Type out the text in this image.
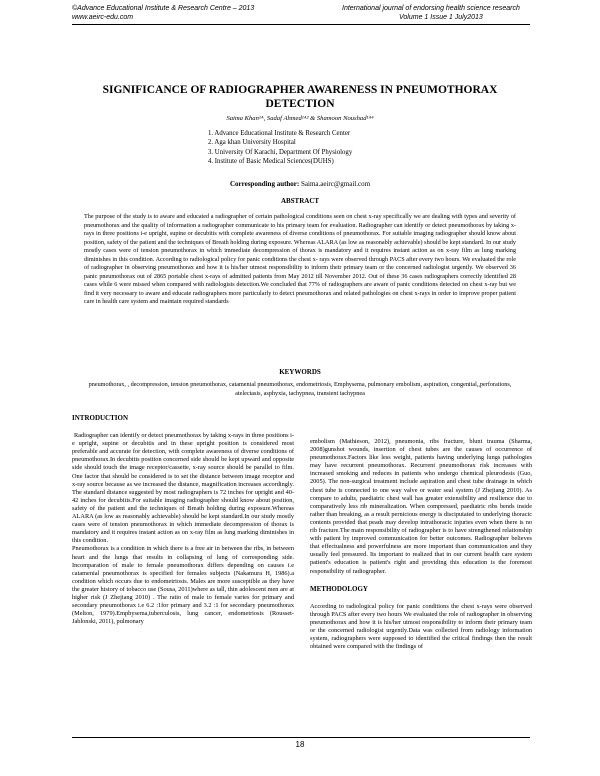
©Advance Educational Institute & Research Centre – 2013
www.aeirc-edu.com
International journal of endorsing health science research
Volume 1 Issue 1 July2013
SIGNIFICANCE OF RADIOGRAPHER AWARENESS IN PNEUMOTHORAX DETECTION
Saima Khan¹ᴬ, Sadaf Ahmed¹ᴬ² & Shamoon Noushad¹ᴬ⁴
1. Advance Educational Institute & Research Center
2. Aga khan University Hospital
3. University Of Karachi, Department Of Physiology
4. Institute of Basic Medical Sciences(DUHS)
Corresponding author: Saima.aeirc@gmail.com
ABSTRACT
The purpose of the study is to aware and educated a radiographer of certain pathological conditions seen on chest x-ray specifically we are dealing with types and severity of pneumothorax and the quality of information a radiographer communicate to his primary team for evaluation. Radiographer can identify or detect pneumothorax by taking x-rays in three positions i-e upright, supine or decubitis with complete awareness of diverse conditions of pneumothorax. For suitable imaging radiographer should know about position, safety of the patient and the techniques of Breath holding during exposure. Whereas ALARA (as low as reasonably achievable) should be kept standard. In our study mostly cases were of tension pneumothorax in which immediate decompression of thorax is mandatory and it requires instant action as on x-ray film as lung marking diminishes in this condition. According to radiological policy for panic conditions the chest x- rays were observed through PACS after every two hours. We evaluated the role of radiographer in observing pneumothorax and how it is his/her utmost responsibility to inform their primary team or the concerned radiologist urgently. We observed 36 panic pneumothorax out of 2865 portable chest x-rays of admitted patients from May 2012 till November 2012. Out of these 36 cases radiographers correctly identified 28 cases while 6 were missed when compared with radiologists detection.We concluded that 77% of radiographers are aware of panic conditions detected on chest x-ray but we find it very necessary to aware and educate radiographers more particularly to detect pneumothorax and related pathologies on chest x-rays in order to improve proper patient care in health care system and maintain required standards
KEYWORDS
pneumothorax, , decompression, tension pneumothorax, catamenial pneumothorax, endometriosis, Emphysema, pulmonary embolism, aspiration, congenital,,perforations, atelectasis, asphyxia, tachypnea, transient tachypnea
INTRODUCTION

Radiographer can identify or detect pneumothorax by taking x-rays in three positions i-e upright, supine or decubitis and in these upright position is considered most preferable and accurate for detection, with complete awareness of diverse conditions of pneumothorax.In decubitis position concerned side should be kept upward and opposite side should touch the image receptor/cassette, x-ray source should be parallel to film. One factor that should be considered is to set the distance between image receptor and x-ray source because as we increased the distance, magnification increases accordingly. The standard distance suggested by most radiographers is 72 inches for upright and 40-42 inches for decubitis.For suitable imaging radiographer should know about position, safety of the patient and the techniques of Breath holding during exposure.Whereas ALARA (as low as reasonably achievable) should be kept standard.In our study mostly cases were of tension pneumothorax in which immediate decompression of thorax is mandatory and it requires instant action as on x-ray film as lung marking diminishes in this condition.

Pneumothorax is a condition in which there is a free air in between the ribs, in between heart and the lungs that results in collapsing of lung of corresponding side. Incomparation of male to female pneumothorax differs depending on causes i.e catamenial pneumothorax is specified for females subjects (Nakamura H, 1986).a condition which occurs due to endometriosis. Males are more susceptible as they have the greater history of tobacco use (Sousa, 2011)where as tall, thin adolescent men are at higher risk (J Zhejiang 2010) . The ratio of male to female varies for primary and secondary pneumothorax i.e 6.2 :1for primary and 3.2 :1 for secondary pneumothorax (Melton, 1979).Emphysema,tuberculosis, lung cancer, endometriosis (Rousset-Jablonski, 2011), pulmonary

embolism (Mathieson, 2012), pneumonia, ribs fracture, blunt trauma (Sharma, 2008)gunshot wounds, insertion of chest tubes are the causes of occurrence of pneumothorax.Factors like less weight, patients having underlying lungs pathologies may have recurrent pneumothorax. Recurrent pneumothorax risk increases with increased smoking and reduces in patients who undergo chemical pleurodesis (Guo, 2005). The non-surgical treatment include aspiration and chest tube drainage in which chest tube is connected to one way valve or water seal system (J Zhejiang 2010). As compare to adults, paediatric chest wall has greater extensibility and resilience due to comparatively less rib mineralization. When compressed, paediatric ribs bends inside rather than breaking, as a result pernicious energy is disciputated to underlying thoracic contents provided that peads may develop intrathoracic injuries even when there is no rib fracture.The main responsibility of radiographer is to have strengthened relationship with patient by improved communication for better outcomes. Radiographer believes that effectualness and powerfulness are more important than communication and they usually feel pressured. Its important to realized that in our current health care system patient's education is patient's right and providing this education is the foremost responsibility of radiographer.

METHODOLOGY

According to radiological policy for panic conditions the chest x-rays were observed through PACS after every two hours We evaluated the role of radiographer in observing pneumothorax and how it is his/her utmost responsibility to inform their primary team or the concerned radiologist urgently.Data was collected from radiology information system, radiographers were supposed to identified the critical findings then the result obtained were compared with the findings of

18
